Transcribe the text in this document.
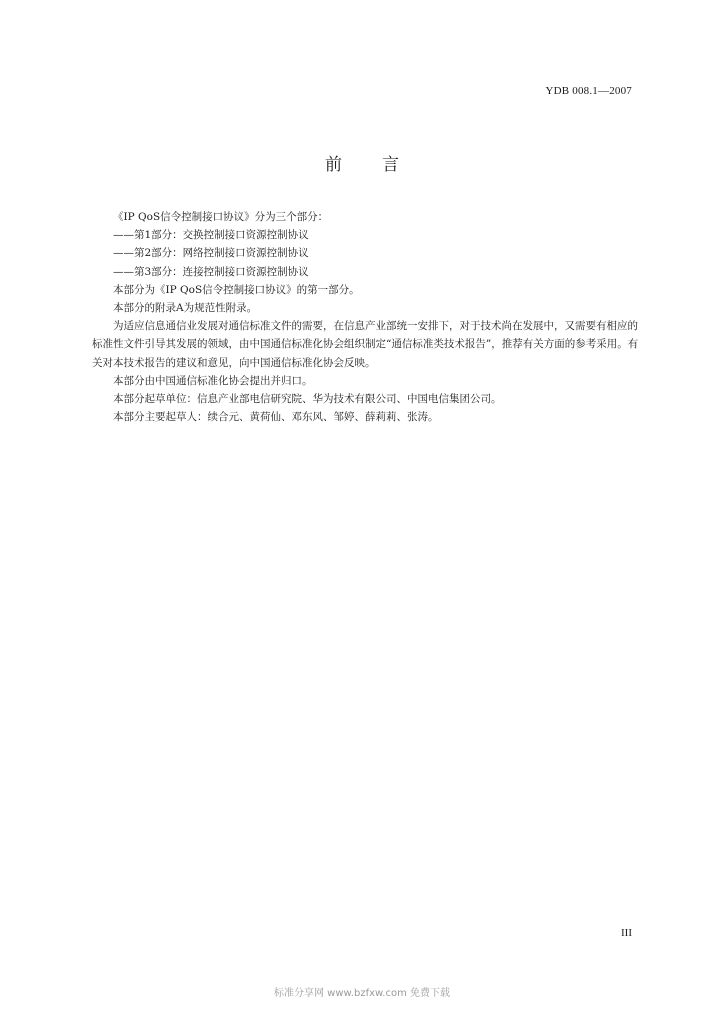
YDB 008.1—2007
前言

《IP QoS信令控制接口协议》分为三个部分：

——第1部分：交换控制接口资源控制协议

——第2部分：网络控制接口资源控制协议

——第3部分：连接控制接口资源控制协议

本部分为《IP QoS信令控制接口协议》的第一部分。

本部分的附录A为规范性附录。

为适应信息通信业发展对通信标准文件的需要，在信息产业部统一安排下，对于技术尚在发展中，又需要有相应的标准性文件引导其发展的领域，由中国通信标准化协会组织制定“通信标准类技术报告”，推荐有关方面的参考采用。有关对本技术报告的建议和意见，向中国通信标准化协会反映。

本部分由中国通信标准化协会提出并归口。

本部分起草单位：信息产业部电信研究院、华为技术有限公司、中国电信集团公司。

本部分主要起草人：续合元、黄荷仙、邓东风、邹婷、薛莉莉、张涛。

III
标准分享网 www.bzfxw.com 免费下载
